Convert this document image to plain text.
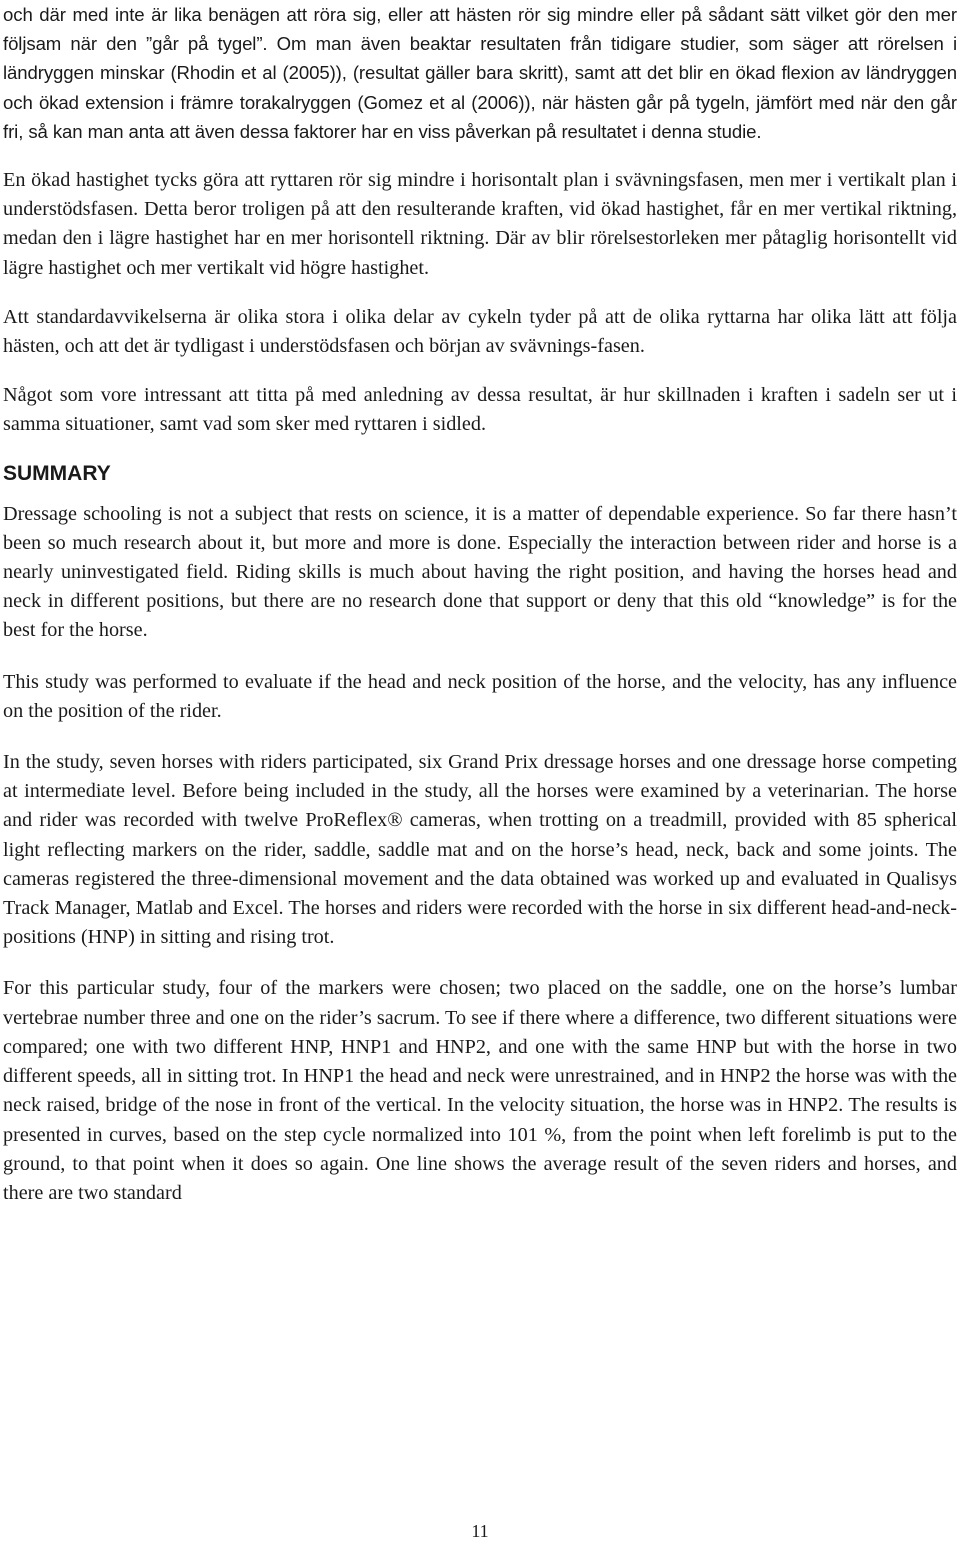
och där med inte är lika benägen att röra sig, eller att hästen rör sig mindre eller på sådant sätt vilket gör den mer följsam när den ”går på tygel”. Om man även beaktar resultaten från tidigare studier, som säger att rörelsen i ländryggen minskar (Rhodin et al (2005)), (resultat gäller bara skritt), samt att det blir en ökad flexion av ländryggen och ökad extension i främre torakalryggen (Gomez et al (2006)), när hästen går på tygeln, jämfört med när den går fri, så kan man anta att även dessa faktorer har en viss påverkan på resultatet i denna studie.

En ökad hastighet tycks göra att ryttaren rör sig mindre i horisontalt plan i svävningsfasen, men mer i vertikalt plan i understödsfasen. Detta beror troligen på att den resulterande kraften, vid ökad hastighet, får en mer vertikal riktning, medan den i lägre hastighet har en mer horisontell riktning. Där av blir rörelsestorleken mer påtaglig horisontellt vid lägre hastighet och mer vertikalt vid högre hastighet.

Att standardavvikelserna är olika stora i olika delar av cykeln tyder på att de olika ryttarna har olika lätt att följa hästen, och att det är tydligast i understödsfasen och början av svävnings-fasen.

Något som vore intressant att titta på med anledning av dessa resultat, är hur skillnaden i kraften i sadeln ser ut i samma situationer, samt vad som sker med ryttaren i sidled.

SUMMARY

Dressage schooling is not a subject that rests on science, it is a matter of dependable experience. So far there hasn’t been so much research about it, but more and more is done. Especially the interaction between rider and horse is a nearly uninvestigated field. Riding skills is much about having the right position, and having the horses head and neck in different positions, but there are no research done that support or deny that this old “knowledge” is for the best for the horse.

This study was performed to evaluate if the head and neck position of the horse, and the velocity, has any influence on the position of the rider.

In the study, seven horses with riders participated, six Grand Prix dressage horses and one dressage horse competing at intermediate level. Before being included in the study, all the horses were examined by a veterinarian. The horse and rider was recorded with twelve ProReflex® cameras, when trotting on a treadmill, provided with 85 spherical light reflecting markers on the rider, saddle, saddle mat and on the horse’s head, neck, back and some joints. The cameras registered the three-dimensional movement and the data obtained was worked up and evaluated in Qualisys Track Manager, Matlab and Excel. The horses and riders were recorded with the horse in six different head-and-neck-positions (HNP) in sitting and rising trot.

For this particular study, four of the markers were chosen; two placed on the saddle, one on the horse’s lumbar vertebrae number three and one on the rider’s sacrum. To see if there where a difference, two different situations were compared; one with two different HNP, HNP1 and HNP2, and one with the same HNP but with the horse in two different speeds, all in sitting trot. In HNP1 the head and neck were unrestrained, and in HNP2 the horse was with the neck raised, bridge of the nose in front of the vertical. In the velocity situation, the horse was in HNP2. The results is presented in curves, based on the step cycle normalized into 101 %, from the point when left forelimb is put to the ground, to that point when it does so again. One line shows the average result of the seven riders and horses, and there are two standard

11
